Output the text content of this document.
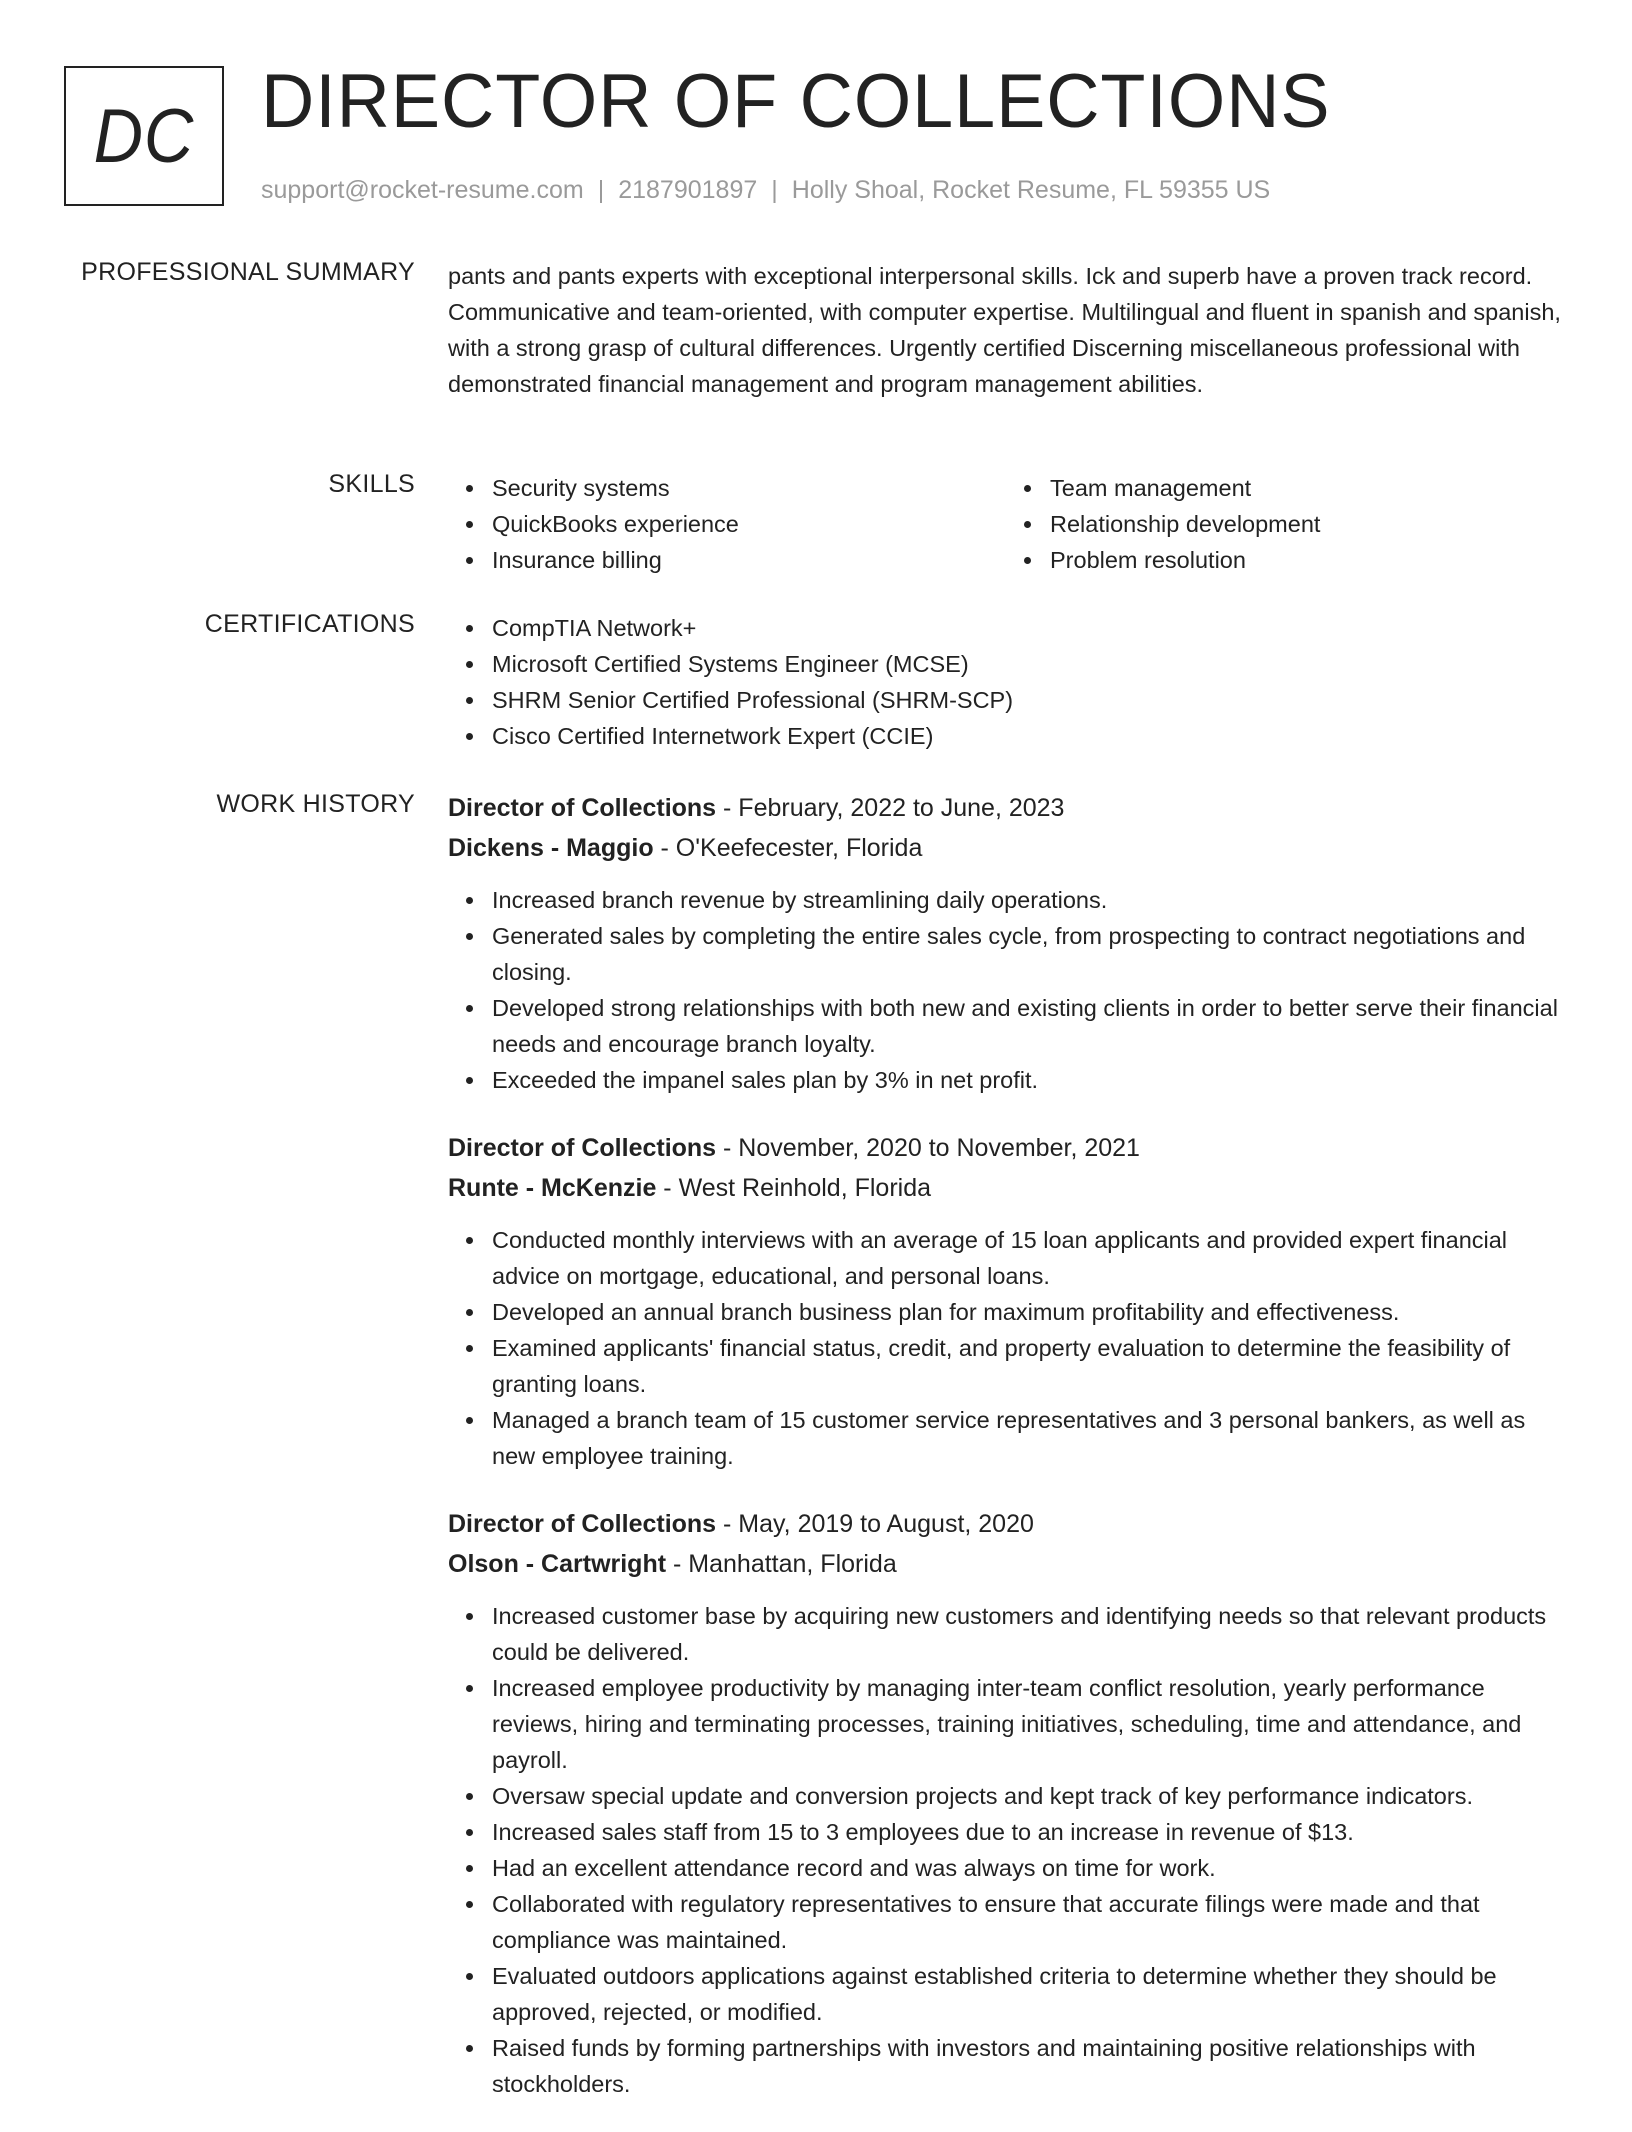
DC DIRECTOR OF COLLECTIONS
support@rocket-resume.com | 2187901897 | Holly Shoal, Rocket Resume, FL 59355 US
PROFESSIONAL SUMMARY pants and pants experts with exceptional interpersonal skills. Ick and superb have a proven track record. Communicative and team-oriented, with computer expertise. Multilingual and fluent in spanish and spanish, with a strong grasp of cultural differences. Urgently certified Discerning miscellaneous professional with demonstrated financial management and program management abilities.

SKILLS	Security systems
QuickBooks experience
Insurance billing
Team management
Relationship development
Problem resolution
CERTIFICATIONS	CompTIA Network+
Microsoft Certified Systems Engineer (MCSE)
SHRM Senior Certified Professional (SHRM-SCP)
Cisco Certified Internetwork Expert (CCIE)
WORK HISTORY Director of Collections - February, 2022 to June, 2023
Dickens - Maggio - O'Keefecester, Florida
Increased branch revenue by streamlining daily operations.
Generated sales by completing the entire sales cycle, from prospecting to contract negotiations and closing.
Developed strong relationships with both new and existing clients in order to better serve their financial needs and encourage branch loyalty.
Exceeded the impanel sales plan by 3% in net profit.
Director of Collections - November, 2020 to November, 2021
Runte - McKenzie - West Reinhold, Florida
Conducted monthly interviews with an average of 15 loan applicants and provided expert financial advice on mortgage, educational, and personal loans.
Developed an annual branch business plan for maximum profitability and effectiveness.
Examined applicants' financial status, credit, and property evaluation to determine the feasibility of granting loans.
Managed a branch team of 15 customer service representatives and 3 personal bankers, as well as new employee training.
Director of Collections - May, 2019 to August, 2020
Olson - Cartwright - Manhattan, Florida
Increased customer base by acquiring new customers and identifying needs so that relevant products could be delivered.
Increased employee productivity by managing inter-team conflict resolution, yearly performance reviews, hiring and terminating processes, training initiatives, scheduling, time and attendance, and payroll.
Oversaw special update and conversion projects and kept track of key performance indicators.
Increased sales staff from 15 to 3 employees due to an increase in revenue of $13.
Had an excellent attendance record and was always on time for work.
Collaborated with regulatory representatives to ensure that accurate filings were made and that compliance was maintained.
Evaluated outdoors applications against established criteria to determine whether they should be approved, rejected, or modified.
Raised funds by forming partnerships with investors and maintaining positive relationships with stockholders.
